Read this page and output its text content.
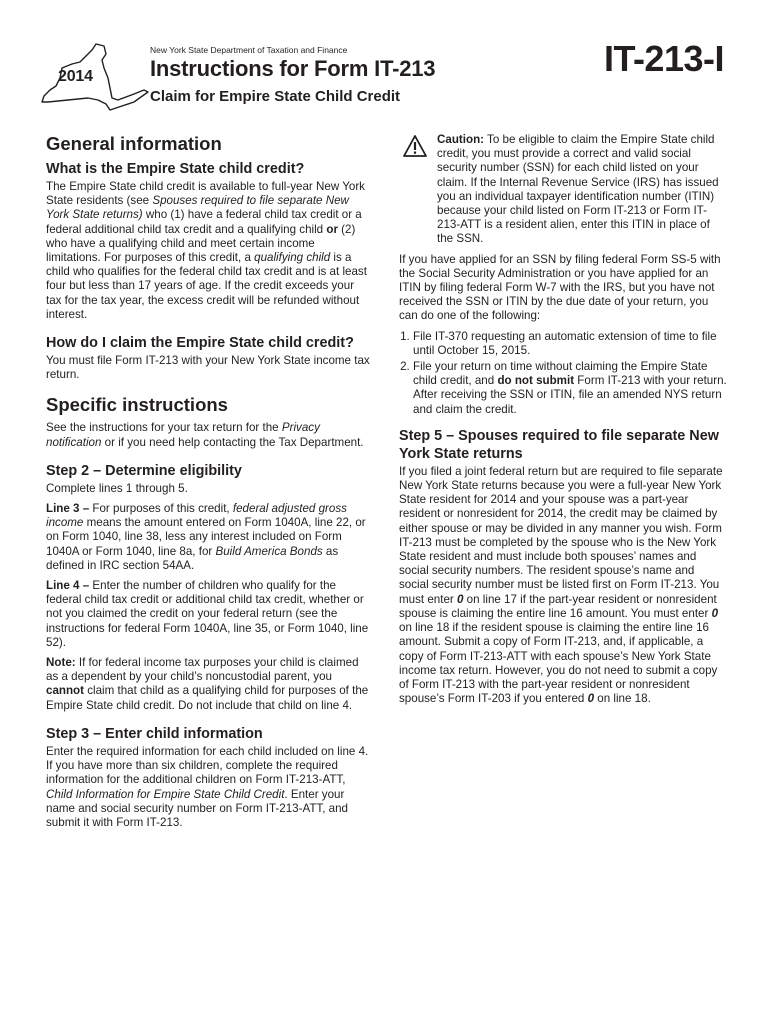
2014
New York State Department of Taxation and Finance
Instructions for Form IT-213
Claim for Empire State Child Credit
IT-213-I
General information
What is the Empire State child credit?

The Empire State child credit is available to full-year New York State residents (see Spouses required to file separate New York State returns) who (1) have a federal child tax credit or a federal additional child tax credit and a qualifying child or (2) who have a qualifying child and meet certain income limitations. For purposes of this credit, a qualifying child is a child who qualifies for the federal child tax credit and is at least four but less than 17 years of age. If the credit exceeds your tax for the tax year, the excess credit will be refunded without interest.

How do I claim the Empire State child credit?

You must file Form IT-213 with your New York State income tax return.

Specific instructions

See the instructions for your tax return for the Privacy notification or if you need help contacting the Tax Department.

Step 2 – Determine eligibility

Complete lines 1 through 5.

Line 3 – For purposes of this credit, federal adjusted gross income means the amount entered on Form 1040A, line 22, or on Form 1040, line 38, less any interest included on Form 1040A or Form 1040, line 8a, for Build America Bonds as defined in IRC section 54AA.

Line 4 – Enter the number of children who qualify for the federal child tax credit or additional child tax credit, whether or not you claimed the credit on your federal return (see the instructions for federal Form 1040A, line 35, or Form 1040, line 52).

Note: If for federal income tax purposes your child is claimed as a dependent by your child’s noncustodial parent, you cannot claim that child as a qualifying child for purposes of the Empire State child credit. Do not include that child on line 4.

Step 3 – Enter child information

Enter the required information for each child included on line 4. If you have more than six children, complete the required information for the additional children on Form IT-213-ATT, Child Information for Empire State Child Credit. Enter your name and social security number on Form IT-213-ATT, and submit it with Form IT-213.

Caution: To be eligible to claim the Empire State child credit, you must provide a correct and valid social security number (SSN) for each child listed on your claim. If the Internal Revenue Service (IRS) has issued you an individual taxpayer identification number (ITIN) because your child listed on Form IT-213 or Form IT-213-ATT is a resident alien, enter this ITIN in place of the SSN.

If you have applied for an SSN by filing federal Form SS-5 with the Social Security Administration or you have applied for an ITIN by filing federal Form W-7 with the IRS, but you have not received the SSN or ITIN by the due date of your return, you can do one of the following:

1. File IT-370 requesting an automatic extension of time to file until October 15, 2015.
2. File your return on time without claiming the Empire State child credit, and do not submit Form IT-213 with your return. After receiving the SSN or ITIN, file an amended NYS return and claim the credit.
Step 5 – Spouses required to file separate New York State returns

If you filed a joint federal return but are required to file separate New York State returns because you were a full-year New York State resident for 2014 and your spouse was a part-year resident or nonresident for 2014, the credit may be claimed by either spouse or may be divided in any manner you wish. Form IT-213 must be completed by the spouse who is the New York State resident and must include both spouses’ names and social security numbers. The resident spouse’s name and social security number must be listed first on Form IT-213. You must enter 0 on line 17 if the part-year resident or nonresident spouse is claiming the entire line 16 amount. You must enter 0 on line 18 if the resident spouse is claiming the entire line 16 amount. Submit a copy of Form IT-213, and, if applicable, a copy of Form IT-213-ATT with each spouse’s New York State income tax return. However, you do not need to submit a copy of Form IT-213 with the part-year resident or nonresident spouse’s Form IT-203 if you entered 0 on line 18.
